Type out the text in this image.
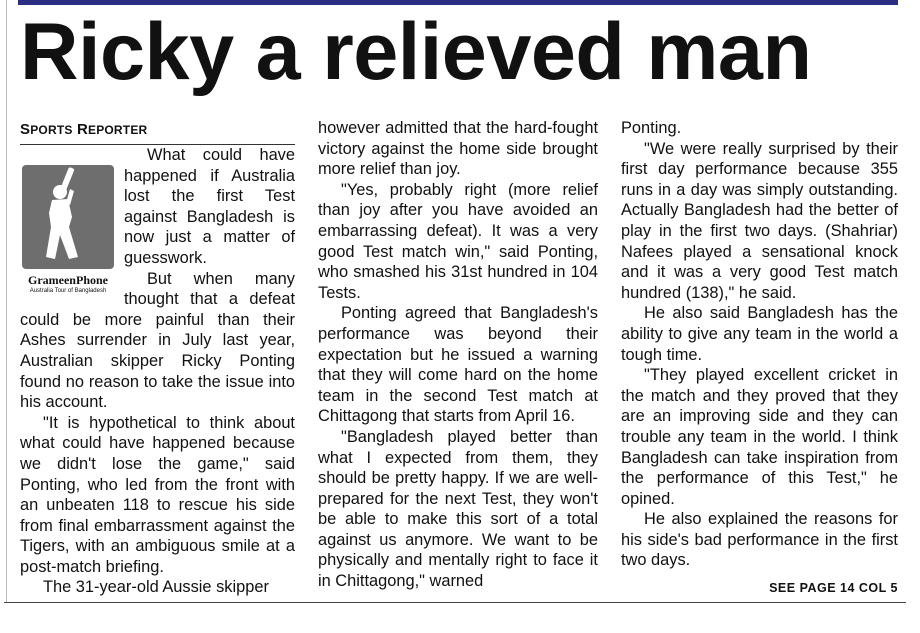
Ricky a relieved man
SPORTS REPORTER
GrameenPhone
Australia Tour of Bangladesh

What could have happened if Australia lost the first Test against Bangladesh is now just a matter of guesswork.

But when many thought that a defeat could be more painful than their Ashes surrender in July last year, Australian skipper Ricky Ponting found no reason to take the issue into his account.

"It is hypothetical to think about what could have happened because we didn't lose the game," said Ponting, who led from the front with an unbeaten 118 to rescue his side from final embarrassment against the Tigers, with an ambiguous smile at a post-match briefing.

The 31-year-old Aussie skipper

however admitted that the hard-fought victory against the home side brought more relief than joy.

"Yes, probably right (more relief than joy after you have avoided an embarrassing defeat). It was a very good Test match win," said Ponting, who smashed his 31st hundred in 104 Tests.

Ponting agreed that Bangladesh's performance was beyond their expectation but he issued a warning that they will come hard on the home team in the second Test match at Chittagong that starts from April 16.

"Bangladesh played better than what I expected from them, they should be pretty happy. If we are well-prepared for the next Test, they won't be able to make this sort of a total against us anymore. We want to be physically and mentally right to face it in Chittagong," warned

Ponting.

"We were really surprised by their first day performance because 355 runs in a day was simply outstanding. Actually Bangladesh had the better of play in the first two days. (Shahriar) Nafees played a sensational knock and it was a very good Test match hundred (138)," he said.

He also said Bangladesh has the ability to give any team in the world a tough time.

"They played excellent cricket in the match and they proved that they are an improving side and they can trouble any team in the world. I think Bangladesh can take inspiration from the performance of this Test," he opined.

He also explained the reasons for his side's bad performance in the first two days.

SEE PAGE 14 COL 5
